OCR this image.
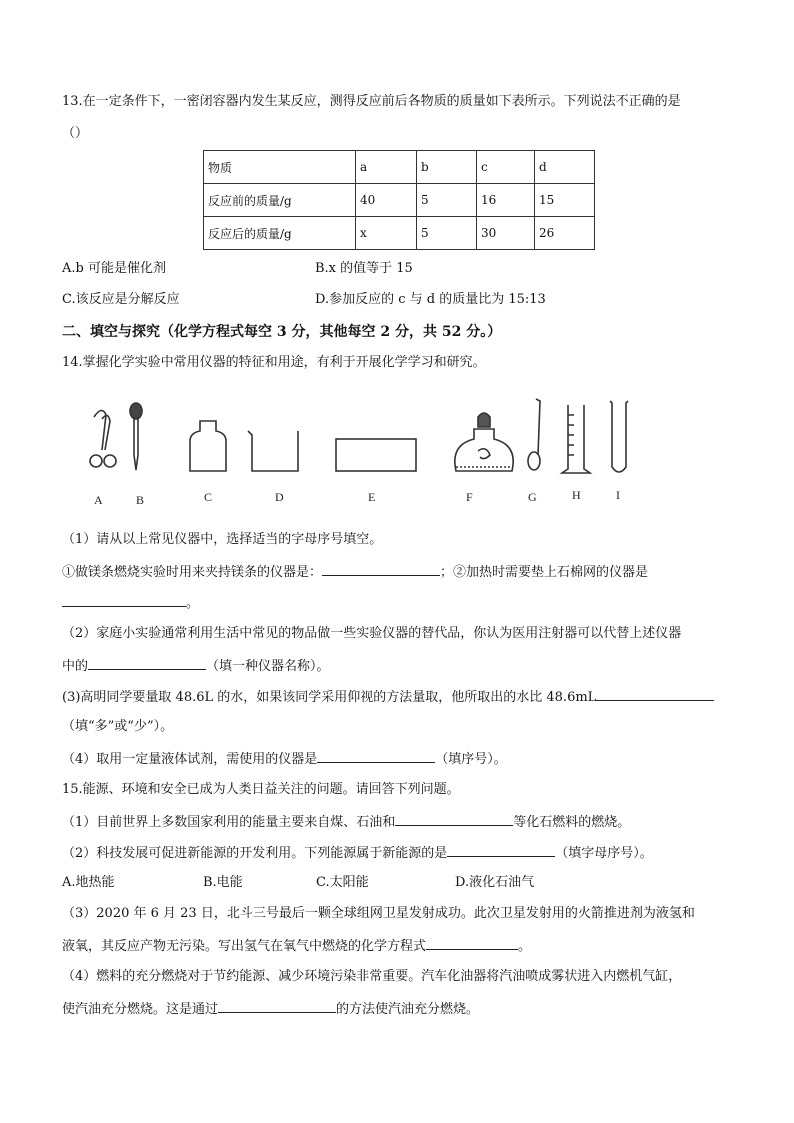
13.在一定条件下，一密闭容器内发生某反应，测得反应前后各物质的质量如下表所示。下列说法不正确的是
（）
物质	a	b	c	d
反应前的质量/g	40	5	16	15
反应后的质量/g	x	5	30	26
A.b 可能是催化剂	B.x 的值等于 15
C.该反应是分解反应	D.参加反应的 c 与 d 的质量比为 15:13
二、填空与探究（化学方程式每空 3 分，其他每空 2 分，共 52 分。）
14.掌握化学实验中常用仪器的特征和用途，有利于开展化学学习和研究。
A	B	C	D	E	F	G	H	I
（1）请从以上常见仪器中，选择适当的字母序号填空。
①做镁条燃烧实验时用来夹持镁条的仪器是：	；②加热时需要垫上石棉网的仪器是
。
（2）家庭小实验通常利用生活中常见的物品做一些实验仪器的替代品，你认为医用注射器可以代替上述仪器
中的	（填一种仪器名称）。
(3)高明同学要量取 48.6L 的水，如果该同学采用仰视的方法量取，他所取出的水比 48.6mL
（填“多”或“少”）。
（4）取用一定量液体试剂，需使用的仪器是	（填序号）。
15.能源、环境和安全已成为人类日益关注的问题。请回答下列问题。
（1）目前世界上多数国家利用的能量主要来自煤、石油和	等化石燃料的燃烧。
（2）科技发展可促进新能源的开发利用。下列能源属于新能源的是	（填字母序号）。
A.地热能	B.电能	C.太阳能	D.液化石油气
（3）2020 年 6 月 23 日，北斗三号最后一颗全球组网卫星发射成功。此次卫星发射用的火箭推进剂为液氢和
液氧，其反应产物无污染。写出氢气在氧气中燃烧的化学方程式	。
（4）燃料的充分燃烧对于节约能源、减少环境污染非常重要。汽车化油器将汽油喷成雾状进入内燃机气缸，
使汽油充分燃烧。这是通过	的方法使汽油充分燃烧。
